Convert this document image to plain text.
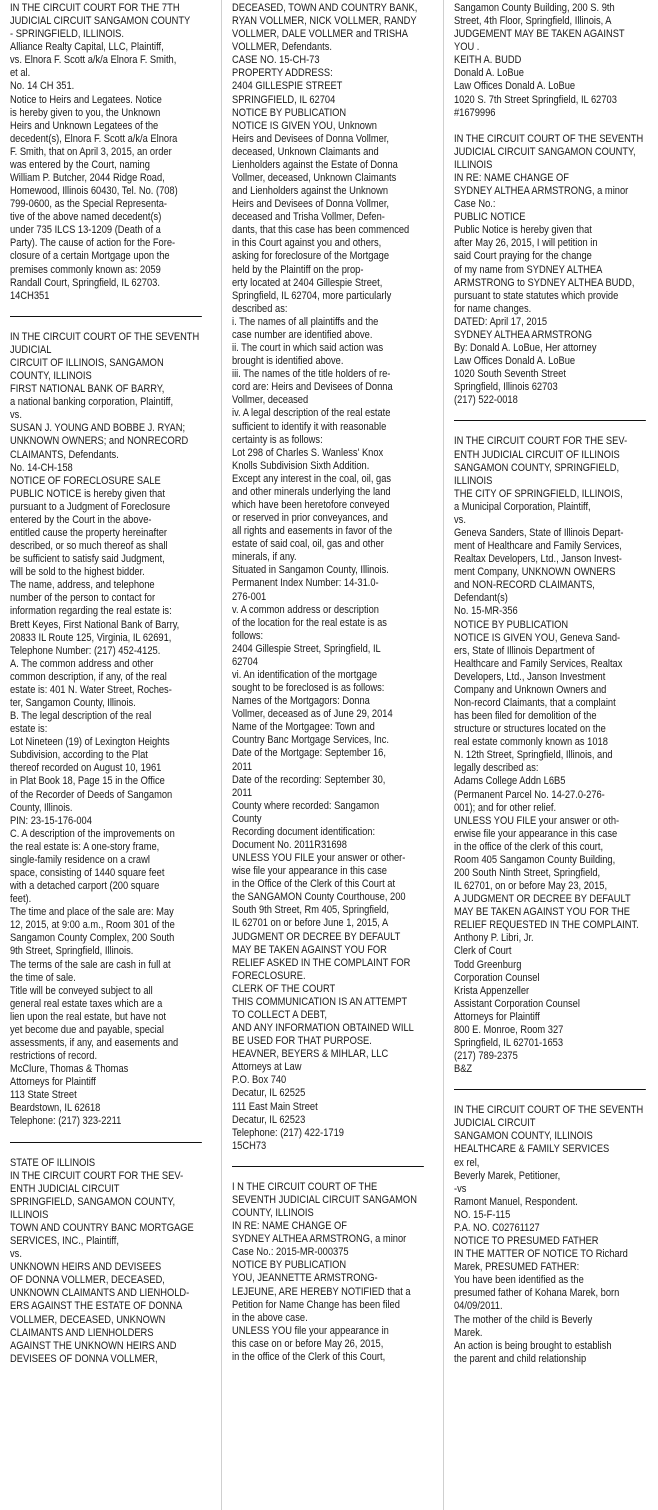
IN THE CIRCUIT COURT FOR THE 7TH
JUDICIAL CIRCUIT SANGAMON COUNTY
- SPRINGFIELD, ILLINOIS.
Alliance Realty Capital, LLC, Plaintiff,
vs. Elnora F. Scott a/k/a Elnora F. Smith,
et al.
No. 14 CH 351.
Notice to Heirs and Legatees. Notice
is hereby given to you, the Unknown
Heirs and Unknown Legatees of the
decedent(s), Elnora F. Scott a/k/a Elnora
F. Smith, that on April 3, 2015, an order
was entered by the Court, naming
William P. Butcher, 2044 Ridge Road,
Homewood, Illinois 60430, Tel. No. (708)
799-0600, as the Special Representa-
tive of the above named decedent(s)
under 735 ILCS 13-1209 (Death of a
Party). The cause of action for the Fore-
closure of a certain Mortgage upon the
premises commonly known as: 2059
Randall Court, Springfield, IL 62703.
14CH351
IN THE CIRCUIT COURT OF THE SEVENTH
JUDICIAL
CIRCUIT OF ILLINOIS, SANGAMON
COUNTY, ILLINOIS
FIRST NATIONAL BANK OF BARRY,
a national banking corporation, Plaintiff,
vs.
SUSAN J. YOUNG AND BOBBE J. RYAN;
UNKNOWN OWNERS; and NONRECORD
CLAIMANTS, Defendants.
No. 14-CH-158
NOTICE OF FORECLOSURE SALE
PUBLIC NOTICE is hereby given that
pursuant to a Judgment of Foreclosure
entered by the Court in the above-
entitled cause the property hereinafter
described, or so much thereof as shall
be sufficient to satisfy said Judgment,
will be sold to the highest bidder.
The name, address, and telephone
number of the person to contact for
information regarding the real estate is:
Brett Keyes, First National Bank of Barry,
20833 IL Route 125, Virginia, IL 62691,
Telephone Number: (217) 452-4125.
A. The common address and other
common description, if any, of the real
estate is: 401 N. Water Street, Roches-
ter, Sangamon County, Illinois.
B. The legal description of the real
estate is:
Lot Nineteen (19) of Lexington Heights
Subdivision, according to the Plat
thereof recorded on August 10, 1961
in Plat Book 18, Page 15 in the Office
of the Recorder of Deeds of Sangamon
County, Illinois.
PIN: 23-15-176-004
C. A description of the improvements on
the real estate is: A one-story frame,
single-family residence on a crawl
space, consisting of 1440 square feet
with a detached carport (200 square
feet).
The time and place of the sale are: May
12, 2015, at 9:00 a.m., Room 301 of the
Sangamon County Complex, 200 South
9th Street, Springfield, Illinois.
The terms of the sale are cash in full at
the time of sale.
Title will be conveyed subject to all
general real estate taxes which are a
lien upon the real estate, but have not
yet become due and payable, special
assessments, if any, and easements and
restrictions of record.
McClure, Thomas & Thomas
Attorneys for Plaintiff
113 State Street
Beardstown, IL 62618
Telephone: (217) 323-2211
STATE OF ILLINOIS
IN THE CIRCUIT COURT FOR THE SEV-
ENTH JUDICIAL CIRCUIT
SPRINGFIELD, SANGAMON COUNTY,
ILLINOIS
TOWN AND COUNTRY BANC MORTGAGE
SERVICES, INC., Plaintiff,
vs.
UNKNOWN HEIRS AND DEVISEES
OF DONNA VOLLMER, DECEASED,
UNKNOWN CLAIMANTS AND LIENHOLD-
ERS AGAINST THE ESTATE OF DONNA
VOLLMER, DECEASED, UNKNOWN
CLAIMANTS AND LIENHOLDERS
AGAINST THE UNKNOWN HEIRS AND
DEVISEES OF DONNA VOLLMER,
DECEASED, TOWN AND COUNTRY BANK,
RYAN VOLLMER, NICK VOLLMER, RANDY
VOLLMER, DALE VOLLMER and TRISHA
VOLLMER, Defendants.
CASE NO. 15-CH-73
PROPERTY ADDRESS:
2404 GILLESPIE STREET
SPRINGFIELD, IL 62704
NOTICE BY PUBLICATION
NOTICE IS GIVEN YOU, Unknown
Heirs and Devisees of Donna Vollmer,
deceased, Unknown Claimants and
Lienholders against the Estate of Donna
Vollmer, deceased, Unknown Claimants
and Lienholders against the Unknown
Heirs and Devisees of Donna Vollmer,
deceased and Trisha Vollmer, Defen-
dants, that this case has been commenced
in this Court against you and others,
asking for foreclosure of the Mortgage
held by the Plaintiff on the prop-
erty located at 2404 Gillespie Street,
Springfield, IL 62704, more particularly
described as:
i. The names of all plaintiffs and the
case number are identified above.
ii. The court in which said action was
brought is identified above.
iii. The names of the title holders of re-
cord are: Heirs and Devisees of Donna
Vollmer, deceased
iv. A legal description of the real estate
sufficient to identify it with reasonable
certainty is as follows:
Lot 298 of Charles S. Wanless' Knox
Knolls Subdivision Sixth Addition.
Except any interest in the coal, oil, gas
and other minerals underlying the land
which have been heretofore conveyed
or reserved in prior conveyances, and
all rights and easements in favor of the
estate of said coal, oil, gas and other
minerals, if any.
Situated in Sangamon County, Illinois.
Permanent Index Number: 14-31.0-
276-001
v. A common address or description
of the location for the real estate is as
follows:
2404 Gillespie Street, Springfield, IL
62704
vi. An identification of the mortgage
sought to be foreclosed is as follows:
Names of the Mortgagors: Donna
Vollmer, deceased as of June 29, 2014
Name of the Mortgagee: Town and
Country Banc Mortgage Services, Inc.
Date of the Mortgage: September 16,
2011
Date of the recording: September 30,
2011
County where recorded: Sangamon
County
Recording document identification:
Document No. 2011R31698
UNLESS YOU FILE your answer or other-
wise file your appearance in this case
in the Office of the Clerk of this Court at
the SANGAMON County Courthouse, 200
South 9th Street, Rm 405, Springfield,
IL 62701 on or before June 1, 2015, A
JUDGMENT OR DECREE BY DEFAULT
MAY BE TAKEN AGAINST YOU FOR
RELIEF ASKED IN THE COMPLAINT FOR
FORECLOSURE.
CLERK OF THE COURT
THIS COMMUNICATION IS AN ATTEMPT
TO COLLECT A DEBT,
AND ANY INFORMATION OBTAINED WILL
BE USED FOR THAT PURPOSE.
HEAVNER, BEYERS & MIHLAR, LLC
Attorneys at Law
P.O. Box 740
Decatur, IL 62525
111 East Main Street
Decatur, IL 62523
Telephone: (217) 422-1719
15CH73
I N THE CIRCUIT COURT OF THE
SEVENTH JUDICIAL CIRCUIT SANGAMON
COUNTY, ILLINOIS
IN RE: NAME CHANGE OF
SYDNEY ALTHEA ARMSTRONG, a minor
Case No.: 2015-MR-000375
NOTICE BY PUBLICATION
YOU, JEANNETTE ARMSTRONG-
LEJEUNE, ARE HEREBY NOTIFIED that a
Petition for Name Change has been filed
in the above case.
UNLESS YOU file your appearance in
this case on or before May 26, 2015,
in the office of the Clerk of this Court,
Sangamon County Building, 200 S. 9th
Street, 4th Floor, Springfield, Illinois, A
JUDGEMENT MAY BE TAKEN AGAINST
YOU .
KEITH A. BUDD
Donald A. LoBue
Law Offices Donald A. LoBue
1020 S. 7th Street Springfield, IL 62703
#1679996

IN THE CIRCUIT COURT OF THE SEVENTH
JUDICIAL CIRCUIT SANGAMON COUNTY,
ILLINOIS
IN RE: NAME CHANGE OF
SYDNEY ALTHEA ARMSTRONG, a minor
Case No.:
PUBLIC NOTICE
Public Notice is hereby given that
after May 26, 2015, I will petition in
said Court praying for the change
of my name from SYDNEY ALTHEA
ARMSTRONG to SYDNEY ALTHEA BUDD,
pursuant to state statutes which provide
for name changes.
DATED: April 17, 2015
SYDNEY ALTHEA ARMSTRONG
By: Donald A. LoBue, Her attorney
Law Offices Donald A. LoBue
1020 South Seventh Street
Springfield, Illinois 62703
(217) 522-0018
IN THE CIRCUIT COURT FOR THE SEV-
ENTH JUDICIAL CIRCUIT OF ILLINOIS
SANGAMON COUNTY, SPRINGFIELD,
ILLINOIS
THE CITY OF SPRINGFIELD, ILLINOIS,
a Municipal Corporation, Plaintiff,
vs.
Geneva Sanders, State of Illinois Depart-
ment of Healthcare and Family Services,
Realtax Developers, Ltd., Janson Invest-
ment Company, UNKNOWN OWNERS
and NON-RECORD CLAIMANTS,
Defendant(s)
No. 15-MR-356
NOTICE BY PUBLICATION
NOTICE IS GIVEN YOU, Geneva Sand-
ers, State of Illinois Department of
Healthcare and Family Services, Realtax
Developers, Ltd., Janson Investment
Company and Unknown Owners and
Non-record Claimants, that a complaint
has been filed for demolition of the
structure or structures located on the
real estate commonly known as 1018
N. 12th Street, Springfield, Illinois, and
legally described as:
Adams College Addn L6B5
(Permanent Parcel No. 14-27.0-276-
001); and for other relief.
UNLESS YOU FILE your answer or oth-
erwise file your appearance in this case
in the office of the clerk of this court,
Room 405 Sangamon County Building,
200 South Ninth Street, Springfield,
IL 62701, on or before May 23, 2015,
A JUDGMENT OR DECREE BY DEFAULT
MAY BE TAKEN AGAINST YOU FOR THE
RELIEF REQUESTED IN THE COMPLAINT.
Anthony P. Libri, Jr.
Clerk of Court
Todd Greenburg
Corporation Counsel
Krista Appenzeller
Assistant Corporation Counsel
Attorneys for Plaintiff
800 E. Monroe, Room 327
Springfield, IL 62701-1653
(217) 789-2375
B&Z
IN THE CIRCUIT COURT OF THE SEVENTH
JUDICIAL CIRCUIT
SANGAMON COUNTY, ILLINOIS
HEALTHCARE & FAMILY SERVICES
ex rel,
Beverly Marek, Petitioner,
-vs
Ramont Manuel, Respondent.
NO. 15-F-115
P.A. NO. C02761127
NOTICE TO PRESUMED FATHER
IN THE MATTER OF NOTICE TO Richard
Marek, PRESUMED FATHER:
You have been identified as the
presumed father of Kohana Marek, born
04/09/2011.
The mother of the child is Beverly
Marek.
An action is being brought to establish
the parent and child relationship
